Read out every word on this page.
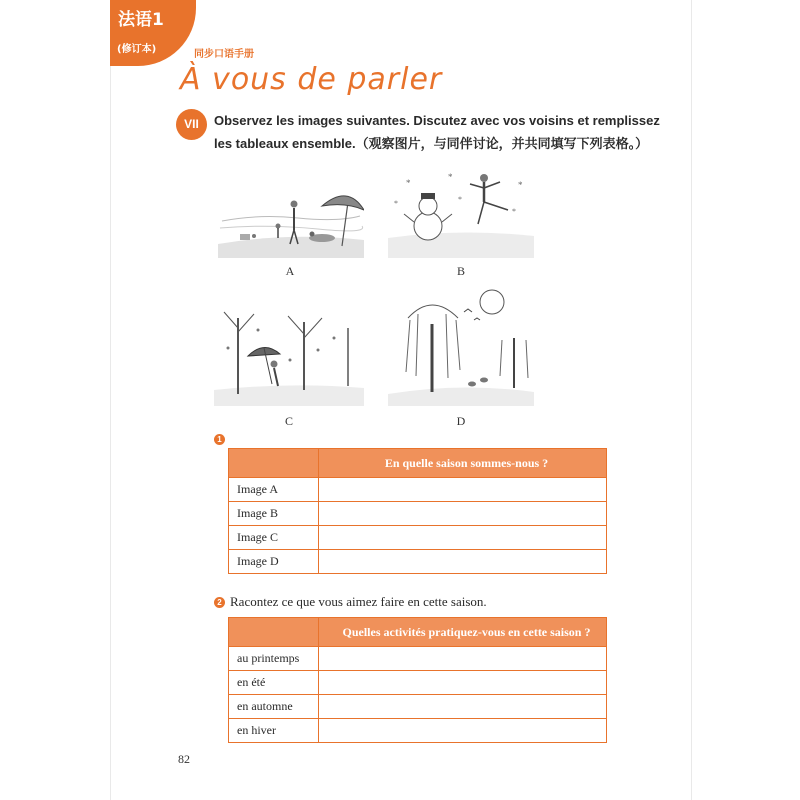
法语1
(修订本)	同步口语手册
À vous de parler
VII	Observez les images suivantes. Discutez avec vos voisins et remplissez
les tableaux ensemble.（观察图片，与同伴讨论，并共同填写下列表格。）
A
*
*
*
*
*
*
B
C	D
1
	En quelle saison sommes-nous ?
Image A	
Image B	
Image C	
Image D	
2 Racontez ce que vous aimez faire en cette saison.
	Quelles activités pratiquez-vous en cette saison ?
au printemps	
en été	
en automne	
en hiver	
82
